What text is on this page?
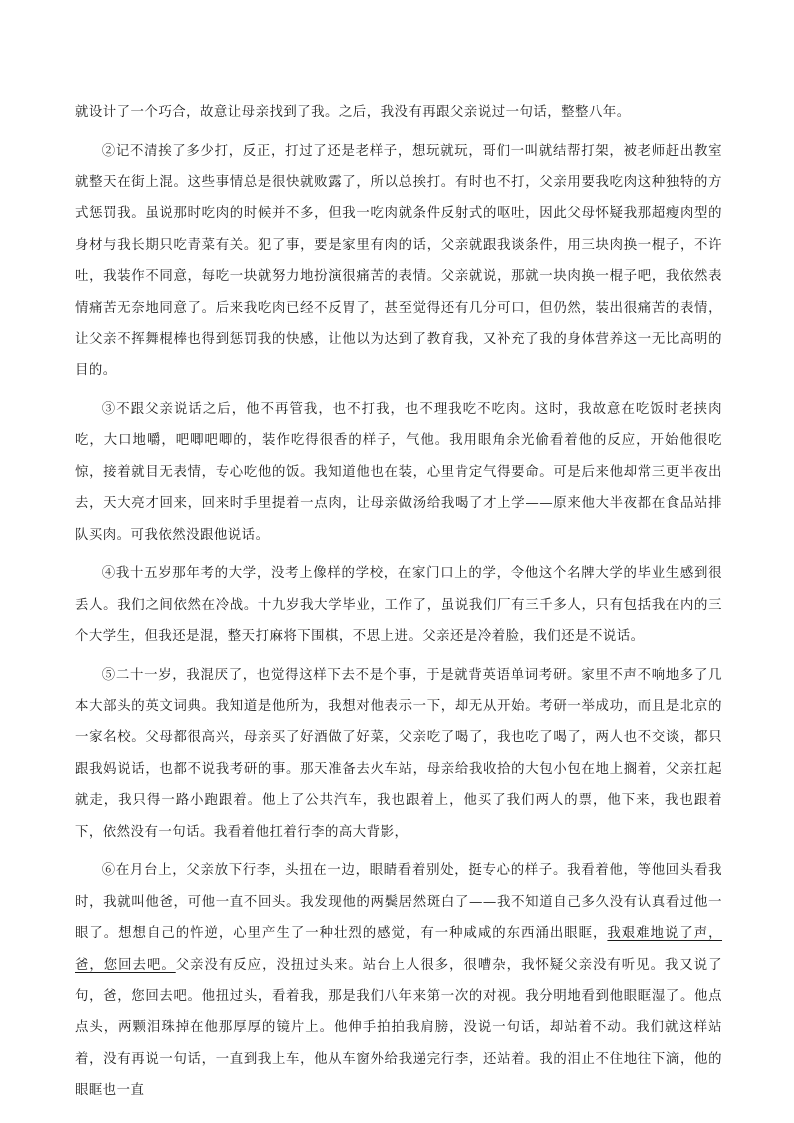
就设计了一个巧合，故意让母亲找到了我。之后，我没有再跟父亲说过一句话，整整八年。

②记不清挨了多少打，反正，打过了还是老样子，想玩就玩，哥们一叫就结帮打架，被老师赶出教室就整天在街上混。这些事情总是很快就败露了，所以总挨打。有时也不打，父亲用要我吃肉这种独特的方式惩罚我。虽说那时吃肉的时候并不多，但我一吃肉就条件反射式的呕吐，因此父母怀疑我那超瘦肉型的身材与我长期只吃青菜有关。犯了事，要是家里有肉的话，父亲就跟我谈条件，用三块肉换一棍子，不许吐，我装作不同意，每吃一块就努力地扮演很痛苦的表情。父亲就说，那就一块肉换一棍子吧，我依然表情痛苦无奈地同意了。后来我吃肉已经不反胃了，甚至觉得还有几分可口，但仍然，装出很痛苦的表情，让父亲不挥舞棍棒也得到惩罚我的快感，让他以为达到了教育我，又补充了我的身体营养这一无比高明的目的。

③不跟父亲说话之后，他不再管我，也不打我，也不理我吃不吃肉。这时，我故意在吃饭时老挟肉吃，大口地嚼，吧唧吧唧的，装作吃得很香的样子，气他。我用眼角余光偷看着他的反应，开始他很吃惊，接着就目无表情，专心吃他的饭。我知道他也在装，心里肯定气得要命。可是后来他却常三更半夜出去，天大亮才回来，回来时手里提着一点肉，让母亲做汤给我喝了才上学——原来他大半夜都在食品站排队买肉。可我依然没跟他说话。

④我十五岁那年考的大学，没考上像样的学校，在家门口上的学，令他这个名牌大学的毕业生感到很丢人。我们之间依然在冷战。十九岁我大学毕业，工作了，虽说我们厂有三千多人，只有包括我在内的三个大学生，但我还是混，整天打麻将下围棋，不思上进。父亲还是冷着脸，我们还是不说话。

⑤二十一岁，我混厌了，也觉得这样下去不是个事，于是就背英语单词考研。家里不声不响地多了几本大部头的英文词典。我知道是他所为，我想对他表示一下，却无从开始。考研一举成功，而且是北京的一家名校。父母都很高兴，母亲买了好酒做了好菜，父亲吃了喝了，我也吃了喝了，两人也不交谈，都只跟我妈说话，也都不说我考研的事。那天准备去火车站，母亲给我收拾的大包小包在地上搁着，父亲扛起就走，我只得一路小跑跟着。他上了公共汽车，我也跟着上，他买了我们两人的票，他下来，我也跟着下，依然没有一句话。我看着他扛着行李的高大背影，

⑥在月台上，父亲放下行李，头扭在一边，眼睛看着别处，挺专心的样子。我看着他，等他回头看我时，我就叫他爸，可他一直不回头。我发现他的两鬓居然斑白了——我不知道自己多久没有认真看过他一眼了。想想自己的忤逆，心里产生了一种壮烈的感觉，有一种咸咸的东西涌出眼眶，我艰难地说了声，爸，您回去吧。父亲没有反应，没扭过头来。站台上人很多，很嘈杂，我怀疑父亲没有听见。我又说了句，爸，您回去吧。他扭过头，看着我，那是我们八年来第一次的对视。我分明地看到他眼眶湿了。他点点头，两颗泪珠掉在他那厚厚的镜片上。他伸手拍拍我肩膀，没说一句话，却站着不动。我们就这样站着，没有再说一句话，一直到我上车，他从车窗外给我递完行李，还站着。我的泪止不住地往下滴，他的眼眶也一直
